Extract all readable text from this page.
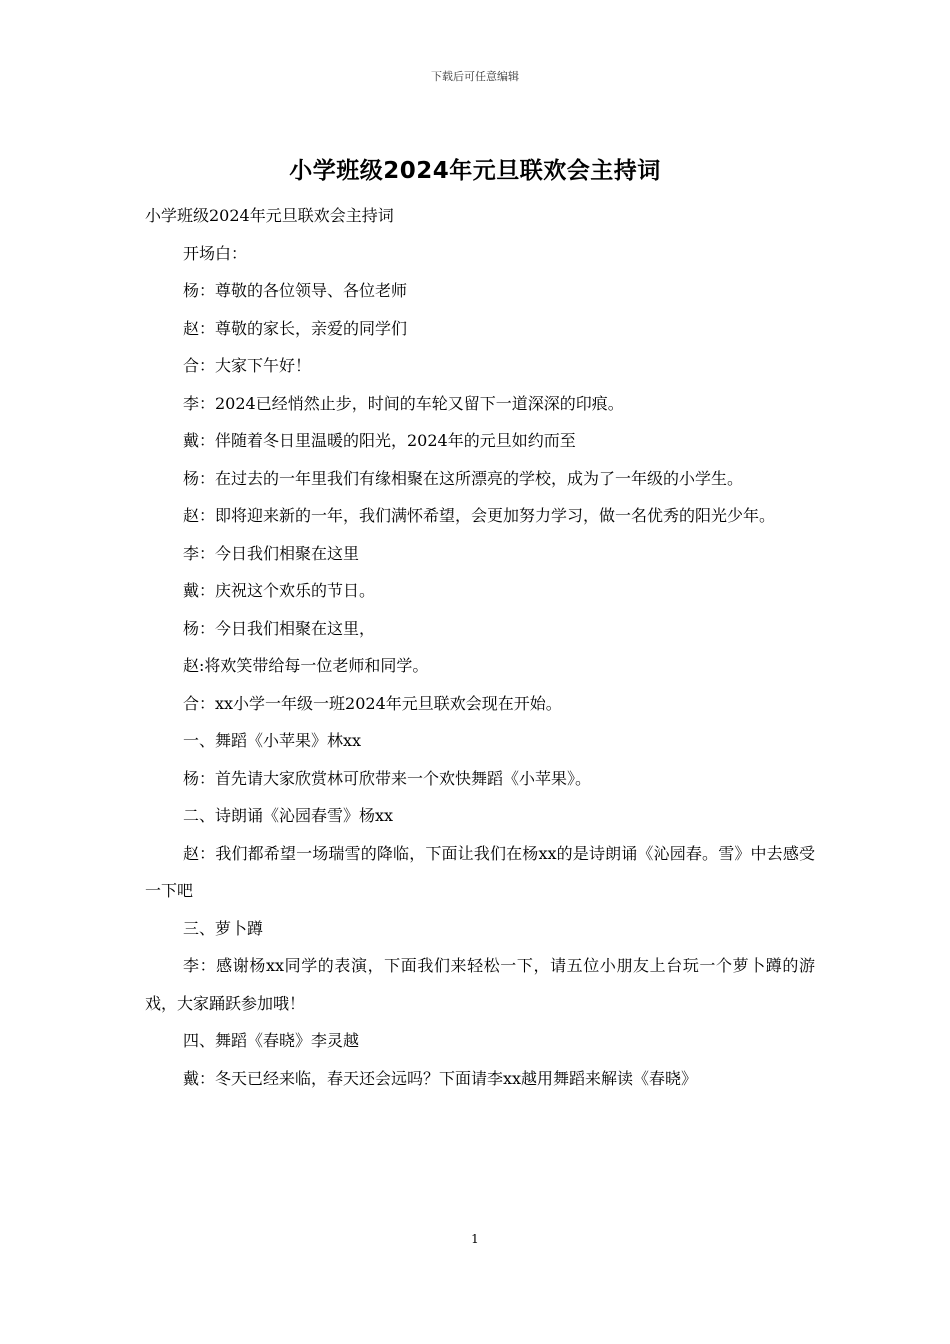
下载后可任意编辑
小学班级2024年元旦联欢会主持词

小学班级2024年元旦联欢会主持词

开场白：

杨：尊敬的各位领导、各位老师

赵：尊敬的家长，亲爱的同学们

合：大家下午好！

李：2024已经悄然止步，时间的车轮又留下一道深深的印痕。

戴：伴随着冬日里温暖的阳光，2024年的元旦如约而至

杨：在过去的一年里我们有缘相聚在这所漂亮的学校，成为了一年级的小学生。

赵：即将迎来新的一年，我们满怀希望，会更加努力学习，做一名优秀的阳光少年。

李：今日我们相聚在这里

戴：庆祝这个欢乐的节日。

杨：今日我们相聚在这里，

赵:将欢笑带给每一位老师和同学。

合：xx小学一年级一班2024年元旦联欢会现在开始。

一、舞蹈《小苹果》林xx

杨：首先请大家欣赏林可欣带来一个欢快舞蹈《小苹果》。

二、诗朗诵《沁园春雪》杨xx

赵：我们都希望一场瑞雪的降临，下面让我们在杨xx的是诗朗诵《沁园春。雪》中去感受一下吧

三、萝卜蹲

李：感谢杨xx同学的表演，下面我们来轻松一下，请五位小朋友上台玩一个萝卜蹲的游戏，大家踊跃参加哦！

四、舞蹈《春晓》李灵越

戴：冬天已经来临，春天还会远吗？下面请李xx越用舞蹈来解读《春晓》

1
